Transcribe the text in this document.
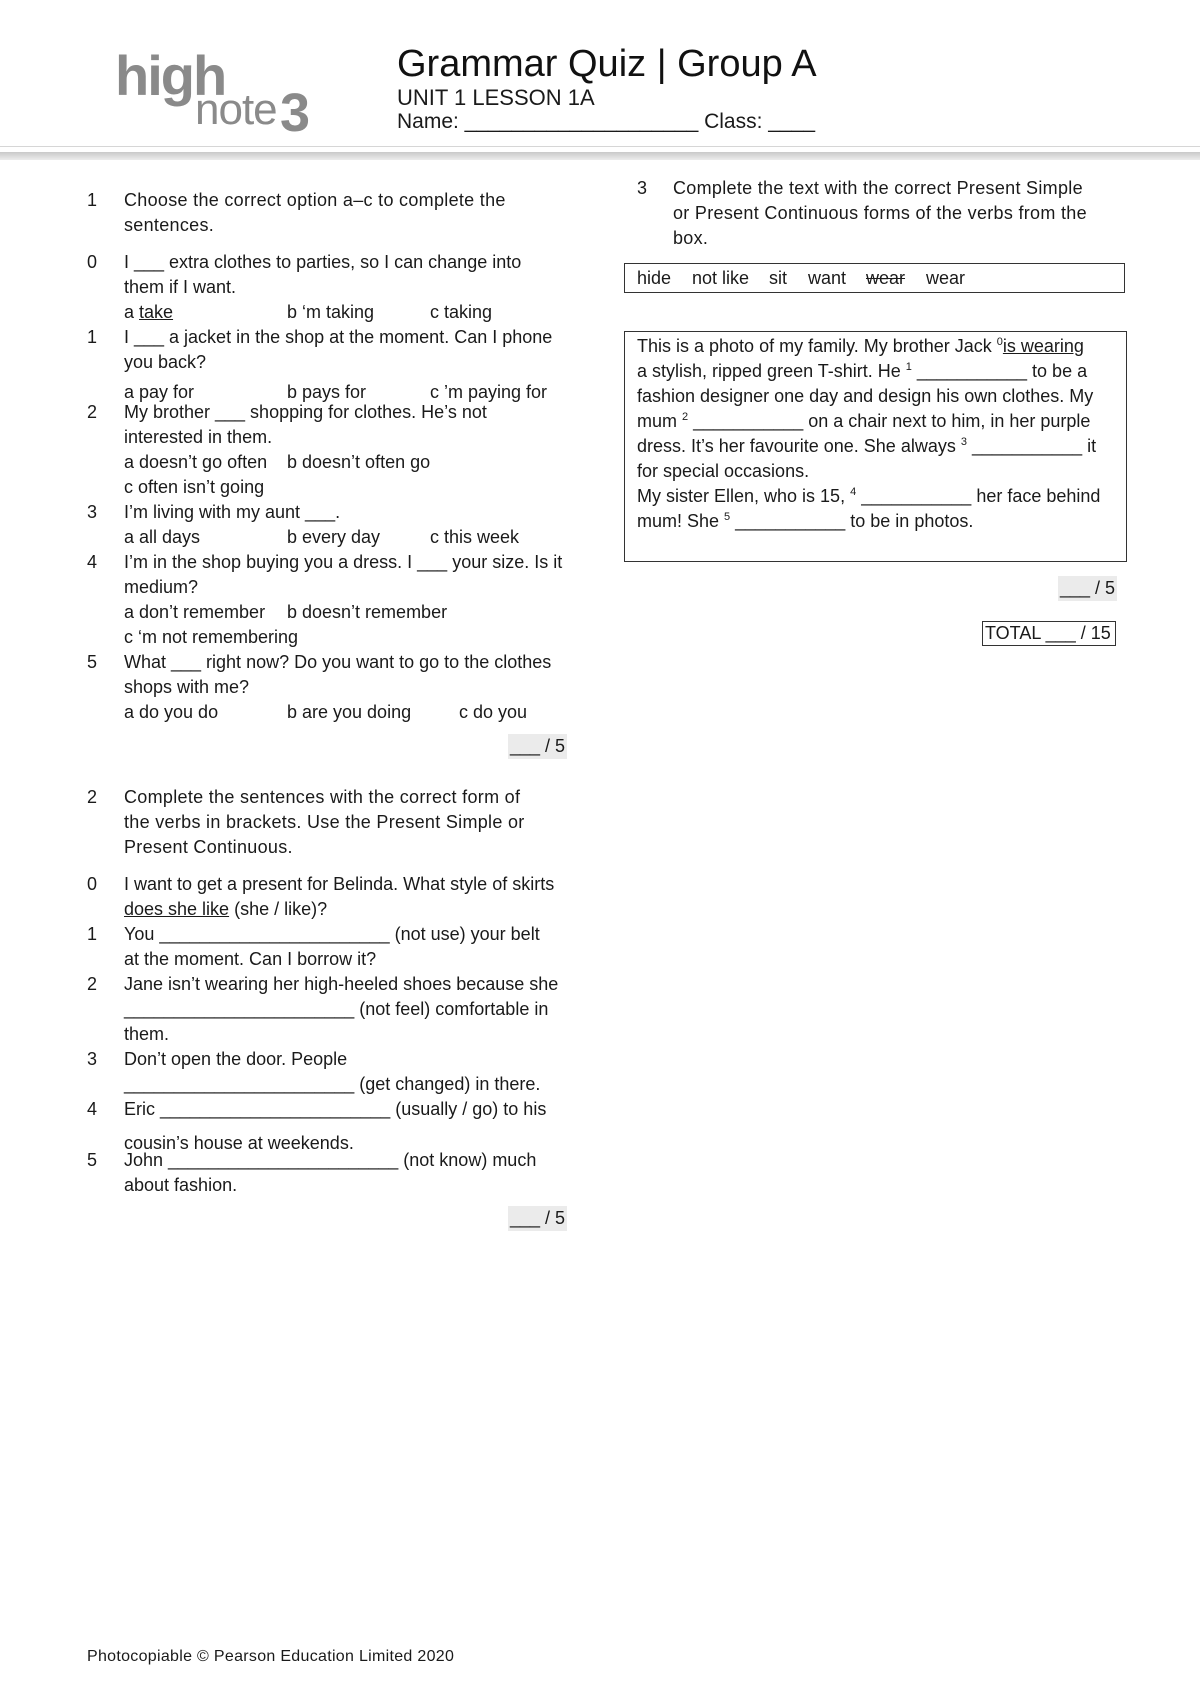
high
note 3
Grammar Quiz | Group A
UNIT 1 LESSON 1A
Name: ____________________ Class: ____
1 Choose the correct option a–c to complete the
sentences.
0 I ___ extra clothes to parties, so I can change into
them if I want.
a take	b ‘m taking	c taking
1 I ___ a jacket in the shop at the moment. Can I phone
you back?
a pay for	b pays for	c ’m paying for
2 My brother ___ shopping for clothes. He’s not
interested in them.
a doesn’t go often b doesn’t often go
c often isn’t going
3 I’m living with my aunt ___.
a all days	b every day	c this week
4 I’m in the shop buying you a dress. I ___ your size. Is it
medium?
a don’t remember b doesn’t remember
c ‘m not remembering
5 What ___ right now? Do you want to go to the clothes
shops with me?
a do you do	b are you doing	c do you
___ / 5
2 Complete the sentences with the correct form of
the verbs in brackets. Use the Present Simple or
Present Continuous.
0 I want to get a present for Belinda. What style of skirts
does she like (she / like)?
1 You _______________________ (not use) your belt
at the moment. Can I borrow it?
2 Jane isn’t wearing her high-heeled shoes because she
_______________________ (not feel) comfortable in
them.
3 Don’t open the door. People
_______________________ (get changed) in there.
4 Eric _______________________ (usually / go) to his
cousin’s house at weekends.
5 John _______________________ (not know) much
about fashion.
___ / 5
3 Complete the text with the correct Present Simple
or Present Continuous forms of the verbs from the
box.
hide not like sit want wear wear
This is a photo of my family. My brother Jack $^0$is wearing
a stylish, ripped green T-shirt. He $^1$ ___________ to be a
fashion designer one day and design his own clothes. My
mum $^2$ ___________ on a chair next to him, in her purple
dress. It’s her favourite one. She always $^3$ ___________ it
for special occasions.
My sister Ellen, who is 15, $^4$ ___________ her face behind
mum! She $^5$ ___________ to be in photos.
___ / 5
TOTAL ___ / 15
Photocopiable © Pearson Education Limited 2020
